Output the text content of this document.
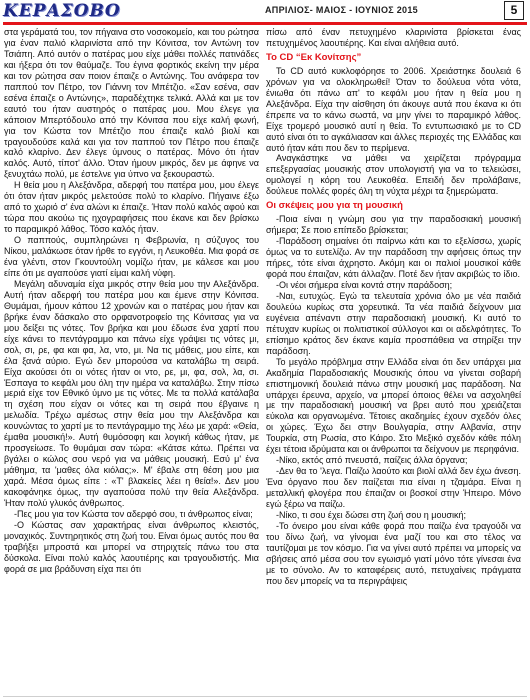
ΚΕΡΑΣΟΒΟ	ΑΠΡΙΛΙΟΣ- ΜΑΙΟΣ - ΙΟΥΝΙΟΣ 2015	5

στα γεράματά του, τον πήγαινα στο νοσοκομείο, και του ρώτησα για έναν παλιό κλαρινίστα από την Κόνιτσα, τον Αντώνη τον Τσιάπη. Από αυτόν ο πατέρας μου είχε μάθει πολλές πατινάδες και ήξερα ότι τον θαύμαζε. Του έγινα φορτικός εκείνη την μέρα και τον ρώτησα σαν ποιον έπαιζε ο Αντώνης. Του ανάφερα τον παππού τον Πέτρο, τον Γιάννη τον Μπέτζιο. «Σαν εσένα, σαν εσένα έπαιζε ο Αντώνης», παραδέχτηκε τελικά. Αλλά και με τον εαυτό του ήταν αυστηρός ο πατέρας μου. Μου έλεγε για κάποιον Μπερτόδουλο από την Κόνιτσα που είχε καλή φωνή, για τον Κώστα τον Μπέτζιο που έπαιζε καλό βιολί και τραγουδούσε καλά και για τον παππού τον Πέτρο που έπαιζε καλό κλαρίνο. Δεν έλεγε ύμνους ο πατέρας. Μόνο ότι ήταν καλός. Αυτό, τίποτ' άλλο. Όταν ήμουν μικρός, δεν με άφηνε να ξενυχτάω πολύ, με έστελνε για ύπνο να ξεκουραστώ.

Η θεία μου η Αλεξάνδρα, αδερφή του πατέρα μου, μου έλεγε ότι όταν ήταν μικρός μελετούσε πολύ το κλαρίνο. Πήγαινε έξω από το χωριό σ' ένα αλώνι κι έπαιζε. Ήταν πολύ καλός αφού και τώρα που ακούω τις ηχογραφήσεις που έκανε και δεν βρίσκω το παραμικρό λάθος. Τόσο καλός ήταν.

Ο παππούς, συμπληρώνει η Φεβρωνία, η σύζυγος του Νίκου, μαλάκωσε όταν ήρθε το εγγόνι, η Λευκοθέα. Μια φορά σε ένα γλέντι, στον Γκουντούλη νομίζω ήταν, με κάλεσε και μου είπε ότι με αγαπούσε γιατί είμαι καλή νύφη.

Μεγάλη αδυναμία είχα μικρός στην θεία μου την Αλεξάνδρα. Αυτή ήταν αδερφή του πατέρα μου και έμενε στην Κόνιτσα. Θυμάμαι, ήμουν κάπου 12 χρονών και ο πατέρας μου ήταν και βρήκε έναν δάσκαλο στο ορφανοτροφείο της Κόνιτσας για να μου δείξει τις νότες. Τον βρήκα και μου έδωσε ένα χαρτί που είχε κάνει το πεντάγραμμο και πάνω είχε γράψει τις νότες μι, σολ, σι, ρε, φα και φα, λα, ντο, μι. Να τις μάθεις, μου είπε, και έλα ξανά αύριο. Εγώ δεν μπορούσα να καταλάβω τη σειρά. Είχα ακούσει ότι οι νότες ήταν οι ντο, ρε, μι, φα, σολ, λα, σι. Έσπαγα το κεφάλι μου όλη την ημέρα να καταλάβω. Στην πίσω μεριά είχε τον Εθνικό ύμνο με τις νότες. Με τα πολλά κατάλαβα τη σχέση που είχαν οι νότες και τη σειρά που έβγαινε η μελωδία. Τρέχω αμέσως στην θεία μου την Αλεξάνδρα και κουνώντας το χαρτί με το πεντάγραμμο της λέω με χαρά: «Θεία, έμαθα μουσική!». Αυτή θυμόσοφη και λογική κάθως ήταν, με προσγείωσε. Το θυμάμαι σαν τώρα: «Κάτσε κάτω. Πρέπει να βγάλει ο κώλος σου νερό για να μάθεις μουσική. Εσύ μ' ένα μάθημα, τα 'μαθες όλα κιόλας;». Μ' έβαλε στη θέση μου μια χαρά. Μέσα όμως είπε : «Τ' βλακείες λέει η θεία!». Δεν μου κακοφάνηκε όμως, την αγαπούσα πολύ την θεία Αλεξάνδρα. Ήταν πολύ γλυκός άνθρωπος.

-Πες μου για τον Κώστα τον αδερφό σου, τι άνθρωπος είναι;

-Ο Κώστας σαν χαρακτήρας είναι άνθρωπος κλειστός, μοναχικός. Συντηρητικός στη ζωή του. Είναι όμως αυτός που θα τραβήξει μπροστά και μπορεί να στηριχτείς πάνω του στα δύσκολα. Είναι πολύ καλός λαουτιέρης και τραγουδιστής. Μια φορά σε μια βράδυνση είχα πει ότι

πίσω από έναν πετυχημένο κλαρινίστα βρίσκεται ένας πετυχημένος λαουτιέρης. Και είναι αλήθεια αυτό.

Το CD “Εκ Κονίτσης”

Το CD αυτό κυκλοφόρησε το 2006. Χρειάστηκε δουλειά 6 χρόνων για να ολοκληρωθεί! Όταν το δούλευα νότα νότα, ένιωθα ότι πάνω απ' το κεφάλι μου ήταν η θεία μου η Αλεξάνδρα. Είχα την αίσθηση ότι άκουγε αυτά που έκανα κι ότι έπρεπε να το κάνω σωστά, να μην γίνει το παραμικρό λάθος. Είχε τρομερό μουσικό αυτί η θεία. Το εντυπωσιακό με το CD αυτό είναι ότι το αγκάλιασαν και άλλες περιοχές της Ελλάδας και αυτό ήταν κάτι που δεν το περίμενα.

Αναγκάστηκε να μάθει να χειρίζεται πρόγραμμα επεξεργασίας μουσικής στον υπολογιστή για να το τελειώσει, ομολογεί η κόρη του Λευκοθέα. Επειδή δεν προλάβαινε, δούλευε πολλές φορές όλη τη νύχτα μέχρι τα ξημερώματα.

Οι σκέψεις μου για τη μουσική

-Ποια είναι η γνώμη σου για την παραδοσιακή μουσική σήμερα; Σε ποιο επίπεδο βρίσκεται;

-Παράδοση σημαίνει ότι παίρνω κάτι και το εξελίσσω, χωρίς όμως να το ευτελίζω. Αν την παράδοση την αφήσεις όπως την πήρες, τότε είναι άχρηστο. Ακόμη και οι παλιοί μουσικοί κάθε φορά που έπαιζαν, κάτι άλλαζαν. Ποτέ δεν ήταν ακριβώς το ίδιο.

-Οι νέοι σήμερα είναι κοντά στην παράδοση;

-Ναι, ευτυχώς. Εγώ τα τελευταία χρόνια όλο με νέα παιδιά δουλεύω κυρίως στα χορευτικά. Τα νέα παιδιά δείχνουν μια ευγένεια απέναντι στην παραδοσιακή μουσική. Κι αυτό το πέτυχαν κυρίως οι πολιτιστικοί σύλλογοι και οι αδελφότητες. Το επίσημο κράτος δεν έκανε καμία προσπάθεια να στηρίξει την παράδοση.

Το μεγάλο πρόβλημα στην Ελλάδα είναι ότι δεν υπάρχει μια Ακαδημία Παραδοσιακής Μουσικής όπου να γίνεται σοβαρή επιστημονική δουλειά πάνω στην μουσική μας παράδοση. Να υπάρχει έρευνα, αρχείο, να μπορεί όποιος θέλει να ασχοληθεί με την παραδοσιακή μουσική να βρει αυτό που χρειάζεται εύκολα και οργανωμένα. Τέτοιες ακαδημίες έχουν σχεδόν όλες οι χώρες. Έχω δει στην Βουλγαρία, στην Αλβανία, στην Τουρκία, στη Ρωσία, στο Κάιρο. Στο Μεξικό σχεδόν κάθε πόλη έχει τέτοια ιδρύματα και οι άνθρωποι τα δείχνουν με περηφάνια.

-Νίκο, εκτός από πνευστά, παίζεις άλλα όργανα;

-Δεν θα το 'λεγα. Παίζω λαούτο και βιολί αλλά δεν έχω άνεση. Ένα όργανο που δεν παίζεται πια είναι η τζαμάρα. Είναι η μεταλλική φλογέρα που έπαιζαν οι βοσκοί στην Ήπειρο. Μόνο εγώ ξέρω να παίζω.

-Νίκο, τι σου έχει δώσει στη ζωή σου η μουσική;

-Το όνειρο μου είναι κάθε φορά που παίζω ένα τραγούδι να του δίνω ζωή, να γίνομαι ένα μαζί του και στο τέλος να ταυτίζομαι με τον κόσμο. Για να γίνει αυτό πρέπει να μπορείς να σβήσεις από μέσα σου τον εγωισμό γιατί μόνο τότε γίνεσαι ένα με το σύνολο. Αν το καταφέρεις αυτό, πετυχαίνεις πράγματα που δεν μπορείς να τα περιγράψεις
